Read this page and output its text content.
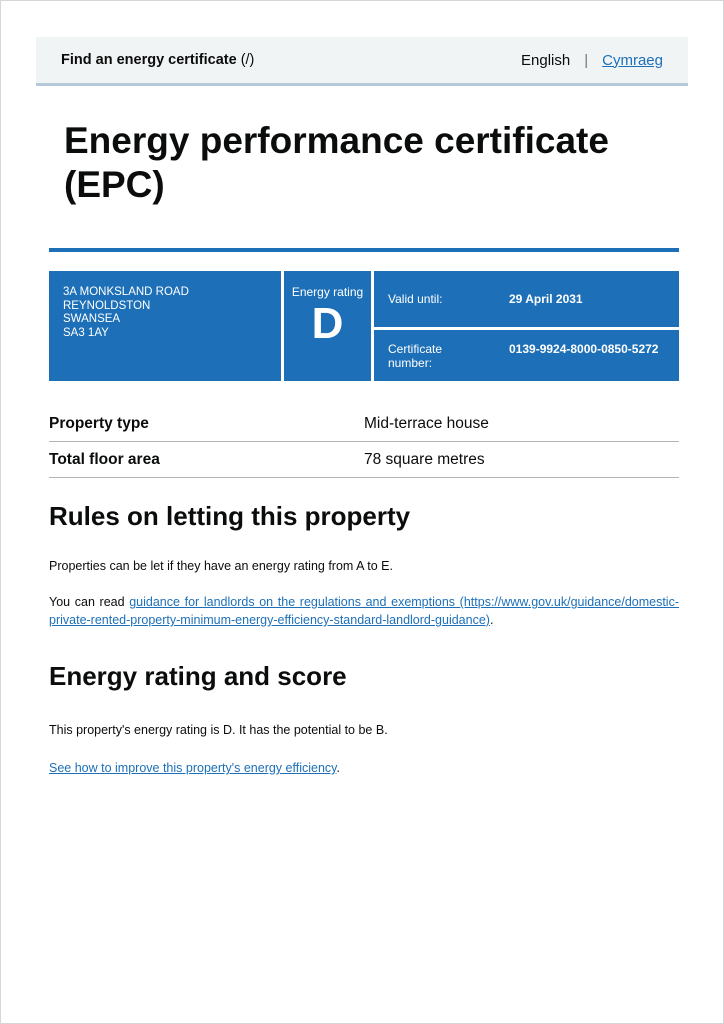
Find an energy certificate (/)	English | Cymraeg
Energy performance certificate (EPC)
3A MONKSLAND ROAD
REYNOLDSTON
SWANSEA
SA3 1AY
Energy rating
D	Valid until:	29 April 2031
Certificate number:
0139-9924-8000-0850-5272
Property type	Mid-terrace house
Total floor area	78 square metres
Rules on letting this property

Properties can be let if they have an energy rating from A to E.

You can read guidance for landlords on the regulations and exemptions (https://www.gov.uk/guidance/domestic-private-rented-property-minimum-energy-efficiency-standard-landlord-guidance).

Energy rating and score

This property's energy rating is D. It has the potential to be B.

See how to improve this property's energy efficiency.
